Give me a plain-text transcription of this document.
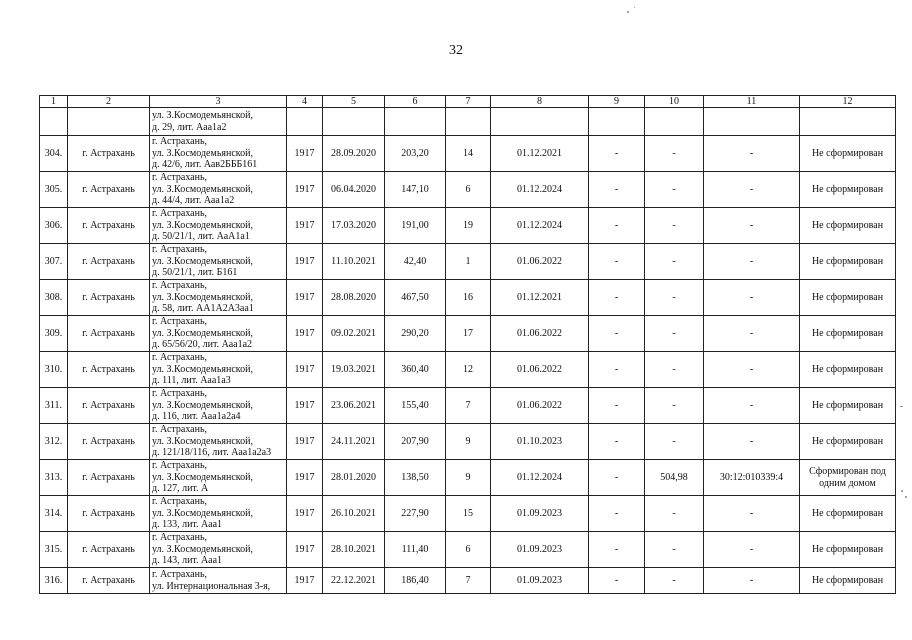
32
1	2	3	4	5	6	7	8	9	10	11	12

		ул. З.Космодемьянской,
д. 29, лит. Ааа1а2									

304.	г. Астрахань	г. Астрахань,
ул. З.Космодемьянской,
д. 42/6, лит. Аав2БББ161	1917	28.09.2020	203,20	14	01.12.2021	-	-	-	Не сформирован
305.	г. Астрахань	г. Астрахань,
ул. З.Космодемьянской,
д. 44/4, лит. Ааа1а2	1917	06.04.2020	147,10	6	01.12.2024	-	-	-	Не сформирован
306.	г. Астрахань	г. Астрахань,
ул. З.Космодемьянской,
д. 50/21/1, лит. АаА1а1	1917	17.03.2020	191,00	19	01.12.2024	-	-	-	Не сформирован
307.	г. Астрахань	г. Астрахань,
ул. З.Космодемьянской,
д. 50/21/1, лит. Б161	1917	11.10.2021	42,40	1	01.06.2022	-	-	-	Не сформирован
308.	г. Астрахань	г. Астрахань,
ул. З.Космодемьянской,
д. 58, лит. АА1А2А3аа1	1917	28.08.2020	467,50	16	01.12.2021	-	-	-	Не сформирован
309.	г. Астрахань	г. Астрахань,
ул. З.Космодемьянской,
д. 65/56/20, лит. Ааа1а2	1917	09.02.2021	290,20	17	01.06.2022	-	-	-	Не сформирован
310.	г. Астрахань	г. Астрахань,
ул. З.Космодемьянской,
д. 111, лит. Ааа1а3	1917	19.03.2021	360,40	12	01.06.2022	-	-	-	Не сформирован
311.	г. Астрахань	г. Астрахань,
ул. З.Космодемьянской,
д. 116, лит. Ааа1а2а4	1917	23.06.2021	155,40	7	01.06.2022	-	-	-	Не сформирован
312.	г. Астрахань	г. Астрахань,
ул. З.Космодемьянской,
д. 121/18/116, лит. Ааа1а2а3	1917	24.11.2021	207,90	9	01.10.2023	-	-	-	Не сформирован
313.	г. Астрахань	г. Астрахань,
ул. З.Космодемьянской,
д. 127, лит. А	1917	28.01.2020	138,50	9	01.12.2024	-	504,98	30:12:010339:4	Сформирован под одним домом
314.	г. Астрахань	г. Астрахань,
ул. З.Космодемьянской,
д. 133, лит. Ааа1	1917	26.10.2021	227,90	15	01.09.2023	-	-	-	Не сформирован
315.	г. Астрахань	г. Астрахань,
ул. З.Космодемьянской,
д. 143, лит. Ааа1	1917	28.10.2021	111,40	6	01.09.2023	-	-	-	Не сформирован
316.	г. Астрахань	г. Астрахань,
ул. Интернациональная 3-я,	1917	22.12.2021	186,40	7	01.09.2023	-	-	-	Не сформирован
